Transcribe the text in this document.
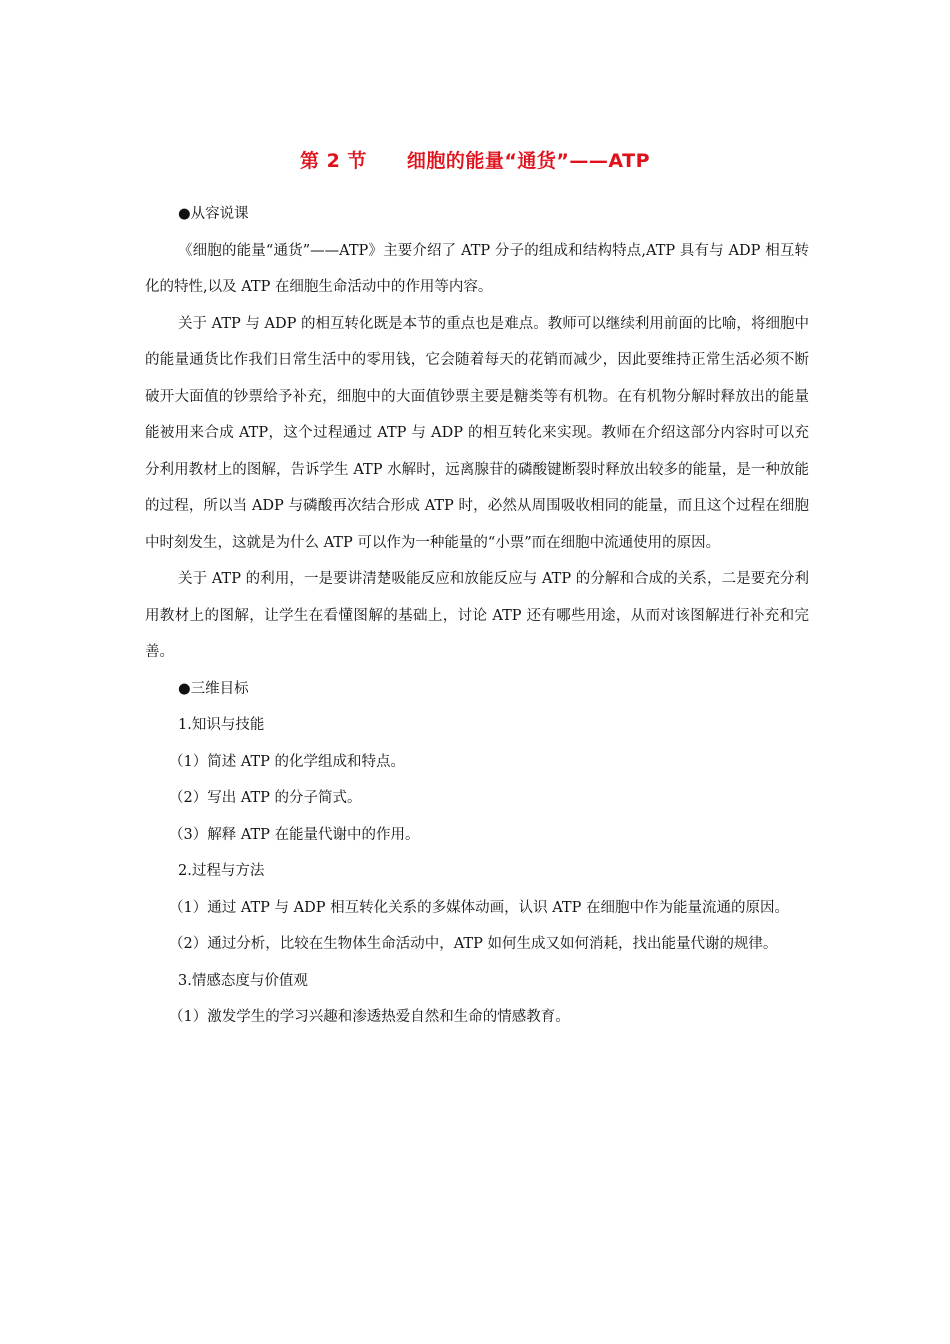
第 2 节 细胞的能量“通货”——ATP

●从容说课

《细胞的能量“通货”——ATP》主要介绍了 ATP 分子的组成和结构特点,ATP 具有与 ADP 相互转化的特性,以及 ATP 在细胞生命活动中的作用等内容。

关于 ATP 与 ADP 的相互转化既是本节的重点也是难点。教师可以继续利用前面的比喻，将细胞中的能量通货比作我们日常生活中的零用钱，它会随着每天的花销而减少，因此要维持正常生活必须不断破开大面值的钞票给予补充，细胞中的大面值钞票主要是糖类等有机物。在有机物分解时释放出的能量能被用来合成 ATP，这个过程通过 ATP 与 ADP 的相互转化来实现。教师在介绍这部分内容时可以充分利用教材上的图解，告诉学生 ATP 水解时，远离腺苷的磷酸键断裂时释放出较多的能量，是一种放能的过程，所以当 ADP 与磷酸再次结合形成 ATP 时，必然从周围吸收相同的能量，而且这个过程在细胞中时刻发生，这就是为什么 ATP 可以作为一种能量的“小票”而在细胞中流通使用的原因。

关于 ATP 的利用，一是要讲清楚吸能反应和放能反应与 ATP 的分解和合成的关系，二是要充分利用教材上的图解，让学生在看懂图解的基础上，讨论 ATP 还有哪些用途，从而对该图解进行补充和完善。

●三维目标

1.知识与技能

（1）简述 ATP 的化学组成和特点。

（2）写出 ATP 的分子简式。

（3）解释 ATP 在能量代谢中的作用。

2.过程与方法

（1）通过 ATP 与 ADP 相互转化关系的多媒体动画，认识 ATP 在细胞中作为能量流通的原因。

（2）通过分析，比较在生物体生命活动中，ATP 如何生成又如何消耗，找出能量代谢的规律。

3.情感态度与价值观

（1）激发学生的学习兴趣和渗透热爱自然和生命的情感教育。
